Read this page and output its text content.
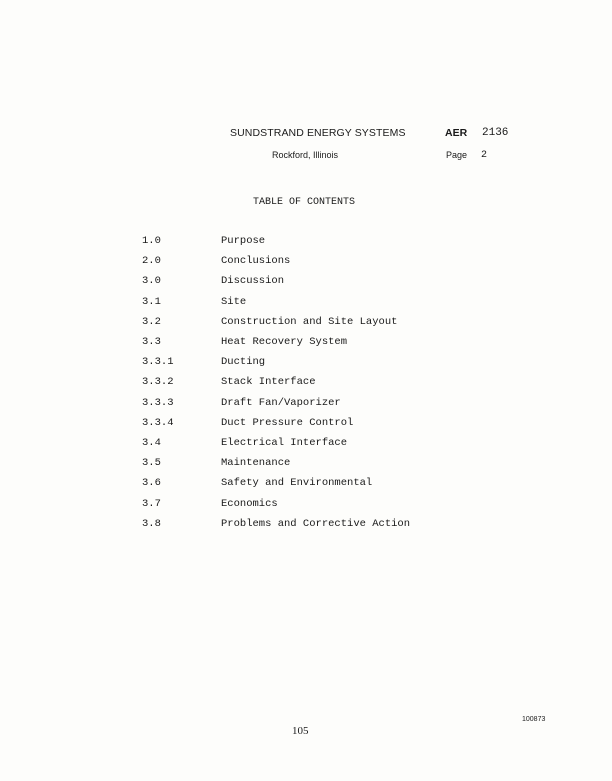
SUNDSTRAND ENERGY SYSTEMS
Rockford, Illinois
AER 2136
Page 2
TABLE OF CONTENTS
1.0	Purpose
2.0	Conclusions
3.0	Discussion
3.1	Site
3.2	Construction and Site Layout
3.3	Heat Recovery System
3.3.1	Ducting
3.3.2	Stack Interface
3.3.3	Draft Fan/Vaporizer
3.3.4	Duct Pressure Control
3.4	Electrical Interface
3.5	Maintenance
3.6	Safety and Environmental
3.7	Economics
3.8	Problems and Corrective Action
105
100873
